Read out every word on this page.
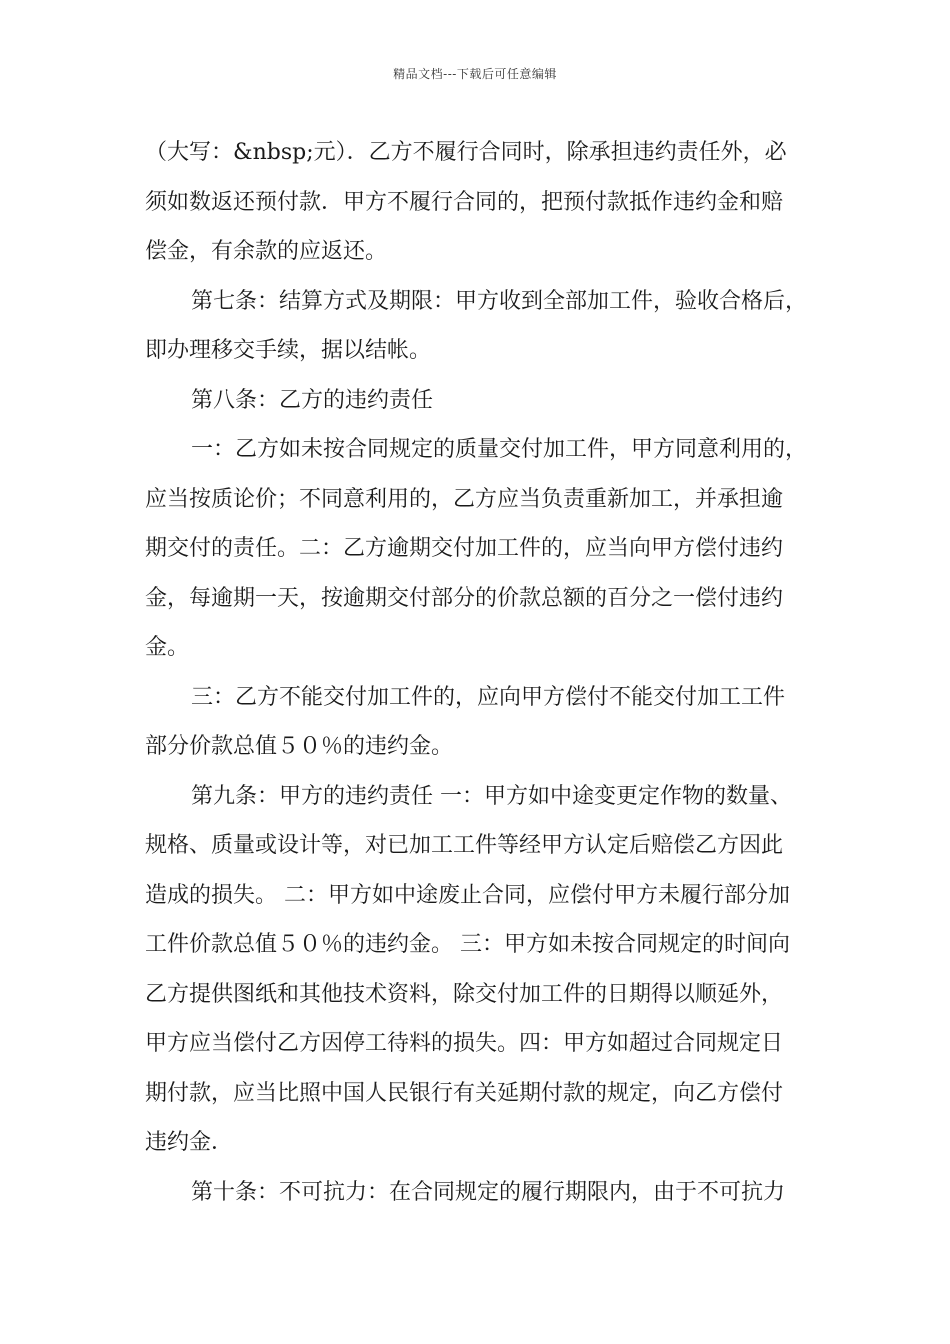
精品文档---下载后可任意编辑
（大写：&nbsp;元）．乙方不履行合同时，除承担违约责任外，必
须如数返还预付款．甲方不履行合同的，把预付款抵作违约金和赔
偿金，有余款的应返还。
第七条：结算方式及期限：甲方收到全部加工件，验收合格后，
即办理移交手续，据以结帐。
第八条：乙方的违约责任
一：乙方如未按合同规定的质量交付加工件，甲方同意利用的，
应当按质论价；不同意利用的，乙方应当负责重新加工，并承担逾
期交付的责任。二：乙方逾期交付加工件的，应当向甲方偿付违约
金，每逾期一天，按逾期交付部分的价款总额的百分之一偿付违约
金。
三：乙方不能交付加工件的，应向甲方偿付不能交付加工工件
部分价款总值５０％的违约金。
第九条：甲方的违约责任 一：甲方如中途变更定作物的数量、
规格、质量或设计等，对已加工工件等经甲方认定后赔偿乙方因此
造成的损失。 二：甲方如中途废止合同，应偿付甲方未履行部分加
工件价款总值５０％的违约金。 三：甲方如未按合同规定的时间向
乙方提供图纸和其他技术资料，除交付加工件的日期得以顺延外，
甲方应当偿付乙方因停工待料的损失。四：甲方如超过合同规定日
期付款，应当比照中国人民银行有关延期付款的规定，向乙方偿付
违约金．
第十条：不可抗力：在合同规定的履行期限内，由于不可抗力
